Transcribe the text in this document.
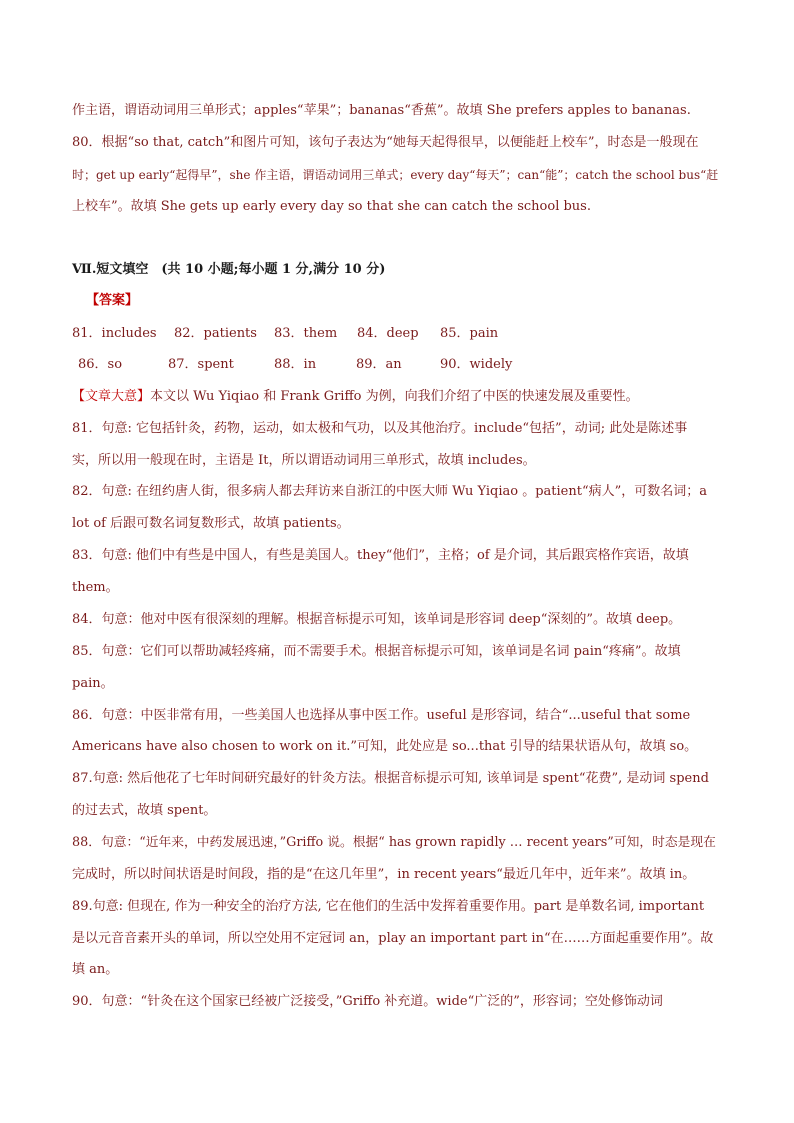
作主语，谓语动词用三单形式；apples“苹果”；bananas“香蕉”。故填 She prefers apples to bananas.
80．根据“so that, catch”和图片可知，该句子表达为“她每天起得很早，以便能赶上校车”，时态是一般现在
时；get up early“起得早”，she 作主语，谓语动词用三单式；every day“每天”；can“能”；catch the school bus“赶
上校车”。故填 She gets up early every day so that she can catch the school bus.
Ⅶ.短文填空　(共 10 小题;每小题 1 分,满分 10 分)
【答案】
81．includes 82．patients 83．them 84．deep 85．pain
86．so	87．spent	88．in	89．an	90．widely
【文章大意】本文以 Wu Yiqiao 和 Frank Griffo 为例，向我们介绍了中医的快速发展及重要性。
81．句意: 它包括针灸，药物，运动，如太极和气功，以及其他治疗。include“包括”，动词; 此处是陈述事
实，所以用一般现在时，主语是 It，所以谓语动词用三单形式，故填 includes。
82．句意: 在纽约唐人街，很多病人都去拜访来自浙江的中医大师 Wu Yiqiao 。patient“病人”，可数名词；a
lot of 后跟可数名词复数形式，故填 patients。
83．句意: 他们中有些是中国人，有些是美国人。they“他们”，主格；of 是介词，其后跟宾格作宾语，故填
them。
84．句意：他对中医有很深刻的理解。根据音标提示可知，该单词是形容词 deep“深刻的”。故填 deep。
85．句意：它们可以帮助减轻疼痛，而不需要手术。根据音标提示可知，该单词是名词 pain“疼痛”。故填
pain。
86．句意：中医非常有用，一些美国人也选择从事中医工作。useful 是形容词，结合“...useful that some
Americans have also chosen to work on it.”可知，此处应是 so...that 引导的结果状语从句，故填 so。
87.句意: 然后他花了七年时间研究最好的针灸方法。根据音标提示可知, 该单词是 spent“花费”, 是动词 spend
的过去式，故填 spent。
88．句意：“近年来，中药发展迅速，”Griffo 说。根据“ has grown rapidly … recent years”可知，时态是现在
完成时，所以时间状语是时间段，指的是“在这几年里”，in recent years“最近几年中，近年来”。故填 in。
89.句意: 但现在, 作为一种安全的治疗方法, 它在他们的生活中发挥着重要作用。part 是单数名词, important
是以元音音素开头的单词，所以空处用不定冠词 an，play an important part in“在……方面起重要作用”。故
填 an。
90．句意：“针灸在这个国家已经被广泛接受，”Griffo 补充道。wide“广泛的”，形容词；空处修饰动词
